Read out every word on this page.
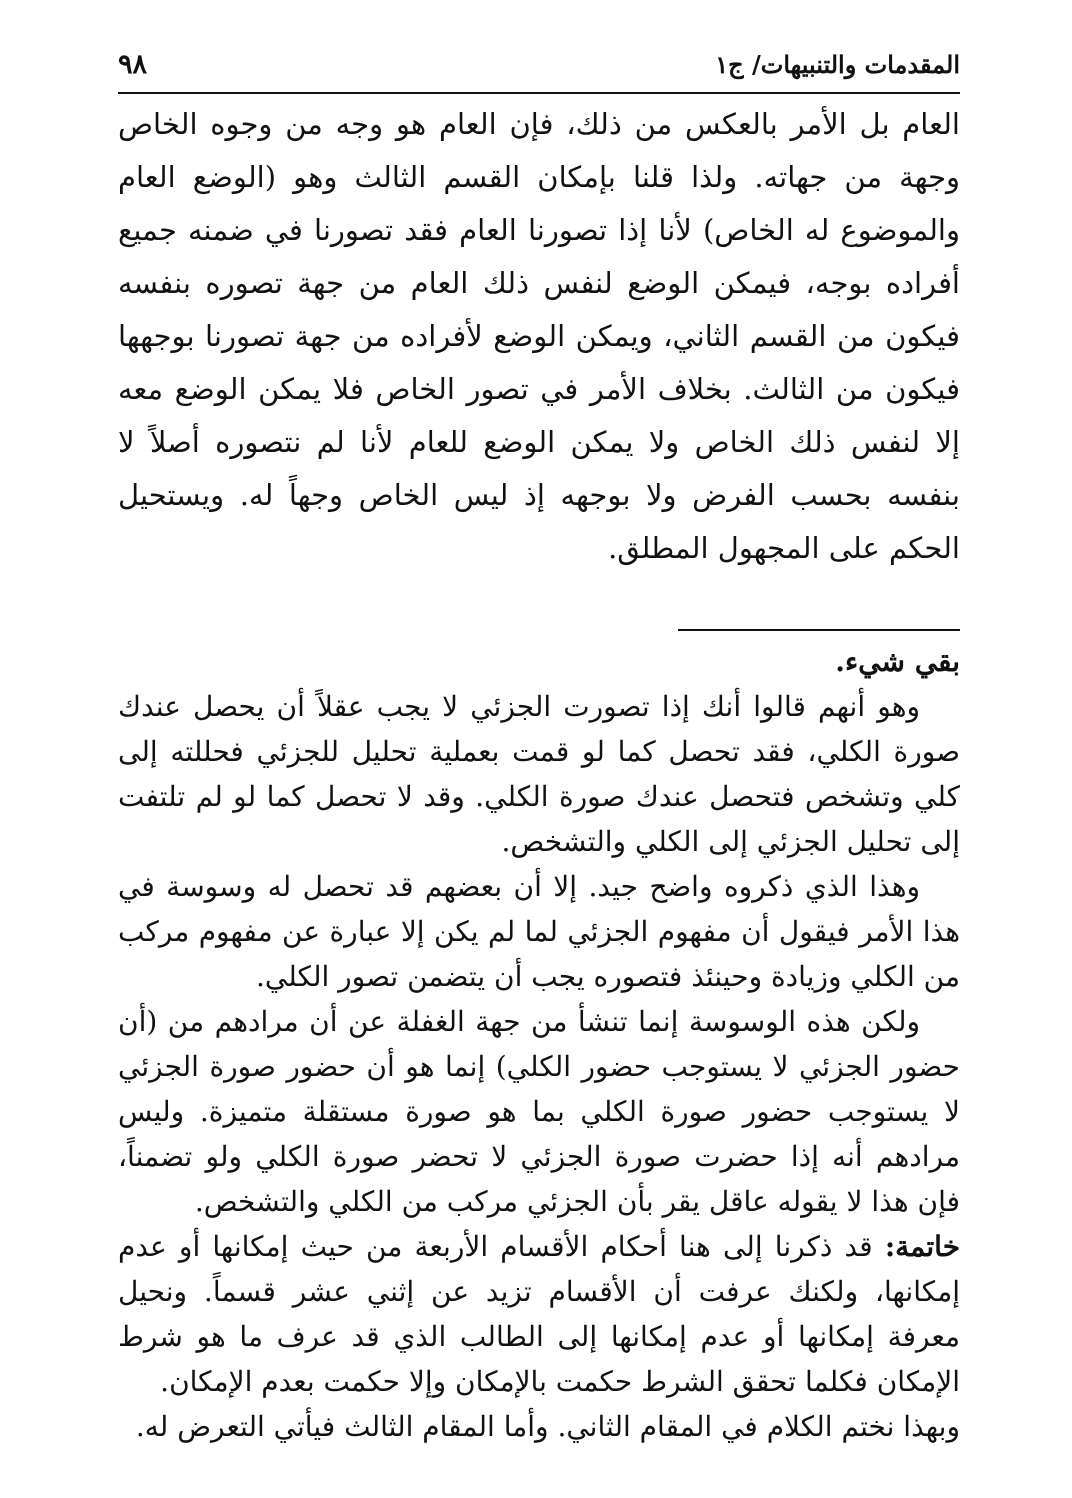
٩٨	المقدمات والتنبيهات/ ج١

العام بل الأمر بالعكس من ذلك، فإن العام هو وجه من وجوه الخاص وجهة من جهاته. ولذا قلنا بإمكان القسم الثالث وهو (الوضع العام والموضوع له الخاص) لأنا إذا تصورنا العام فقد تصورنا في ضمنه جميع أفراده بوجه، فيمكن الوضع لنفس ذلك العام من جهة تصوره بنفسه فيكون من القسم الثاني، ويمكن الوضع لأفراده من جهة تصورنا بوجهها فيكون من الثالث. بخلاف الأمر في تصور الخاص فلا يمكن الوضع معه إلا لنفس ذلك الخاص ولا يمكن الوضع للعام لأنا لم نتصوره أصلاً لا بنفسه بحسب الفرض ولا بوجهه إذ ليس الخاص وجهاً له. ويستحيل الحكم على المجهول المطلق.

بقي شيء.

وهو أنهم قالوا أنك إذا تصورت الجزئي لا يجب عقلاً أن يحصل عندك صورة الكلي، فقد تحصل كما لو قمت بعملية تحليل للجزئي فحللته إلى كلي وتشخص فتحصل عندك صورة الكلي. وقد لا تحصل كما لو لم تلتفت إلى تحليل الجزئي إلى الكلي والتشخص.

وهذا الذي ذكروه واضح جيد. إلا أن بعضهم قد تحصل له وسوسة في هذا الأمر فيقول أن مفهوم الجزئي لما لم يكن إلا عبارة عن مفهوم مركب من الكلي وزيادة وحينئذ فتصوره يجب أن يتضمن تصور الكلي.

ولكن هذه الوسوسة إنما تنشأ من جهة الغفلة عن أن مرادهم من (أن حضور الجزئي لا يستوجب حضور الكلي) إنما هو أن حضور صورة الجزئي لا يستوجب حضور صورة الكلي بما هو صورة مستقلة متميزة. وليس مرادهم أنه إذا حضرت صورة الجزئي لا تحضر صورة الكلي ولو تضمناً، فإن هذا لا يقوله عاقل يقر بأن الجزئي مركب من الكلي والتشخص.

خاتمة: قد ذكرنا إلى هنا أحكام الأقسام الأربعة من حيث إمكانها أو عدم إمكانها، ولكنك عرفت أن الأقسام تزيد عن إثني عشر قسماً. ونحيل معرفة إمكانها أو عدم إمكانها إلى الطالب الذي قد عرف ما هو شرط الإمكان فكلما تحقق الشرط حكمت بالإمكان وإلا حكمت بعدم الإمكان.

وبهذا نختم الكلام في المقام الثاني. وأما المقام الثالث فيأتي التعرض له.
